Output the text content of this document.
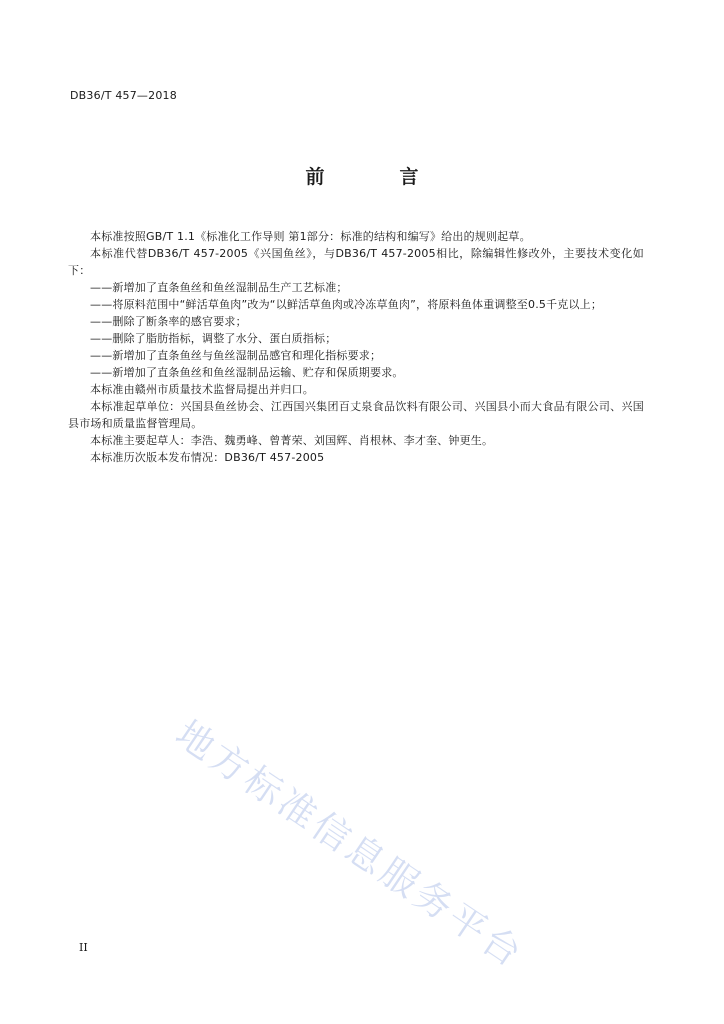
DB36/T 457—2018
前　言

本标准按照GB/T 1.1《标准化工作导则 第1部分：标准的结构和编写》给出的规则起草。

本标准代替DB36/T 457-2005《兴国鱼丝》，与DB36/T 457-2005相比，除编辑性修改外，主要技术变化如下：

——新增加了直条鱼丝和鱼丝湿制品生产工艺标准；

——将原料范围中“鲜活草鱼肉”改为“以鲜活草鱼肉或冷冻草鱼肉”，将原料鱼体重调整至0.5千克以上；

——删除了断条率的感官要求；

——删除了脂肪指标，调整了水分、蛋白质指标；

——新增加了直条鱼丝与鱼丝湿制品感官和理化指标要求；

——新增加了直条鱼丝和鱼丝湿制品运输、贮存和保质期要求。

本标准由赣州市质量技术监督局提出并归口。

本标准起草单位：兴国县鱼丝协会、江西国兴集团百丈泉食品饮料有限公司、兴国县小而大食品有限公司、兴国县市场和质量监督管理局。

本标准主要起草人：李浩、魏勇峰、曾菁荣、刘国辉、肖根林、李才奎、钟更生。

本标准历次版本发布情况：DB36/T 457-2005

地方标准信息服务平台
II
